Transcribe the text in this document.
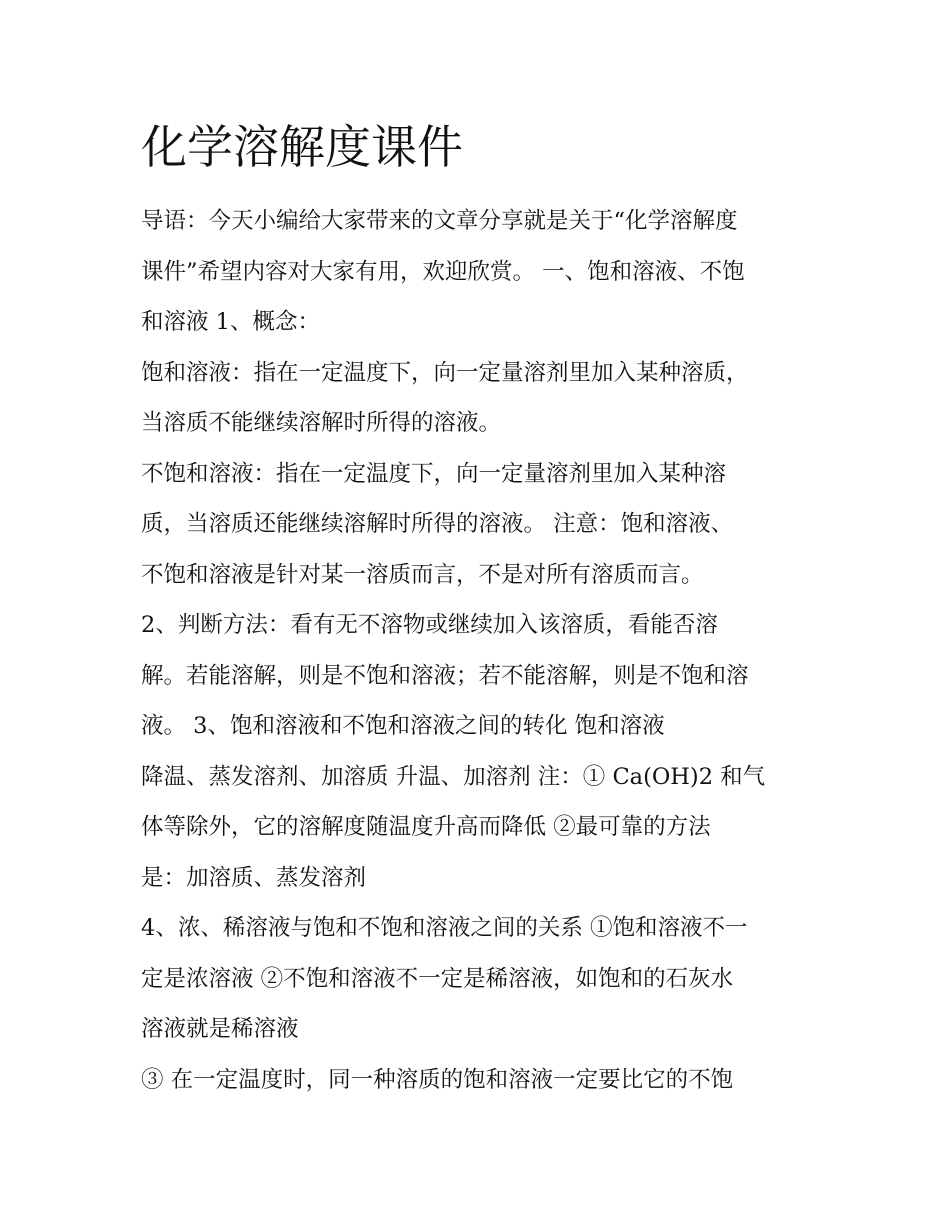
化学溶解度课件
导语：今天小编给大家带来的文章分享就是关于“化学溶解度
课件”希望内容对大家有用，欢迎欣赏。 一、饱和溶液、不饱
和溶液 1、概念：
饱和溶液：指在一定温度下，向一定量溶剂里加入某种溶质，
当溶质不能继续溶解时所得的溶液。
不饱和溶液：指在一定温度下，向一定量溶剂里加入某种溶
质，当溶质还能继续溶解时所得的溶液。 注意：饱和溶液、
不饱和溶液是针对某一溶质而言，不是对所有溶质而言。
2、判断方法：看有无不溶物或继续加入该溶质，看能否溶
解。若能溶解，则是不饱和溶液；若不能溶解，则是不饱和溶
液。 3、饱和溶液和不饱和溶液之间的转化 饱和溶液
降温、蒸发溶剂、加溶质 升温、加溶剂 注：① Ca(OH)2 和气
体等除外，它的溶解度随温度升高而降低 ②最可靠的方法
是：加溶质、蒸发溶剂
4、浓、稀溶液与饱和不饱和溶液之间的关系 ①饱和溶液不一
定是浓溶液 ②不饱和溶液不一定是稀溶液，如饱和的石灰水
溶液就是稀溶液
③ 在一定温度时，同一种溶质的饱和溶液一定要比它的不饱
